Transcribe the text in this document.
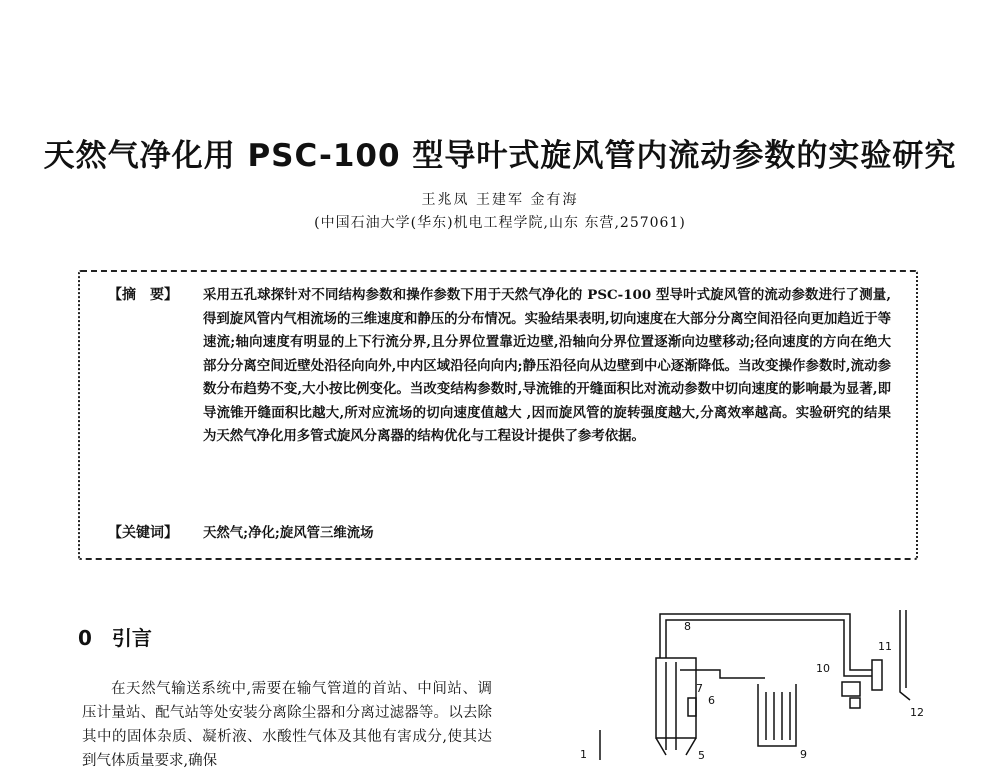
天然气净化用 PSC-100 型导叶式旋风管内流动参数的实验研究
王兆凤 王建军 金有海
(中国石油大学(华东)机电工程学院,山东 东营,257061)
【摘　要】 采用五孔球探针对不同结构参数和操作参数下用于天然气净化的 PSC-100 型导叶式旋风管的流动参数进行了测量,得到旋风管内气相流场的三维速度和静压的分布情况。实验结果表明,切向速度在大部分分离空间沿径向更加趋近于等速流;轴向速度有明显的上下行流分界,且分界位置靠近边壁,沿轴向分界位置逐渐向边壁移动;径向速度的方向在绝大部分分离空间近壁处沿径向向外,中内区域沿径向向内;静压沿径向从边壁到中心逐渐降低。当改变操作参数时,流动参数分布趋势不变,大小按比例变化。当改变结构参数时,导流锥的开缝面积比对流动参数中切向速度的影响最为显著,即导流锥开缝面积比越大,所对应流场的切向速度值越大 ,因而旋风管的旋转强度越大,分离效率越高。实验研究的结果为天然气净化用多管式旋风分离器的结构优化与工程设计提供了参考依据。
【关键词】 天然气;净化;旋风管三维流场
0　引言
在天然气输送系统中,需要在输气管道的首站、中间站、调压计量站、配气站等处安装分离除尘器和分离过滤器等。以去除其中的固体杂质、凝析液、水酸性气体及其他有害成分,使其达到气体质量要求,确保
8
7
6
5	9
10
11
12
1
